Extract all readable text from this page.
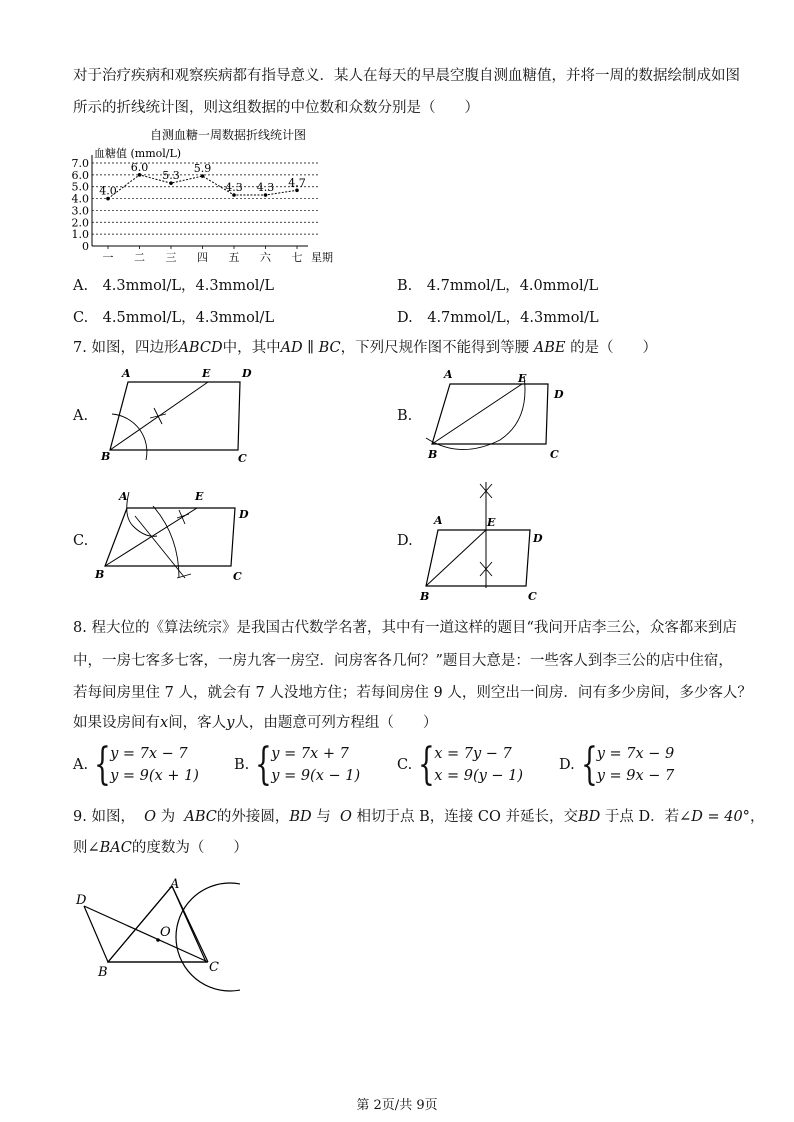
对于治疗疾病和观察疾病都有指导意义．某人在每天的早晨空腹自测血糖值，并将一周的数据绘制成如图
所示的折线统计图，则这组数据的中位数和众数分别是（　　）
自测血糖一周数据折线统计图
血糖值 (mmol/L)
0
1.0
2.0
3.0
4.0
5.0
6.0
7.0
一 二 三 四 五 六 七 星期
4.0
6.0
5.3
5.9
4.3 4.3 4.7
A.　4.3mmol/L，4.3mmol/L	B.　4.7mmol/L，4.0mmol/L
C.　4.5mmol/L，4.3mmol/L	D.　4.7mmol/L，4.3mmol/L
7. 如图，四边形ABCD中，其中AD ∥ BC，下列尺规作图不能得到等腰 ABE 的是（　　）
A.	B.
C.	D.
A	E	D
B	C
A	E
D
B	C
A	E
D
B	C
A	E
D
B	C
8. 程大位的《算法统宗》是我国古代数学名著，其中有一道这样的题目“我问开店李三公，众客都来到店
中，一房七客多七客，一房九客一房空．问房客各几何？”题目大意是：一些客人到李三公的店中住宿，
若每间房里住 7 人，就会有 7 人没地方住；若每间房住 9 人，则空出一间房．问有多少房间，多少客人？
如果设房间有x间，客人y人，由题意可列方程组（　　）
A. { y = 7x − 7
y = 9(x + 1)
B. { y = 7x + 7
y = 9(x − 1)
C. { x = 7y − 7
x = 9(y − 1)
D. { y = 7x − 9
y = 9x − 7
9. 如图， O 为 ABC的外接圆，BD 与 O 相切于点 B，连接 CO 并延长，交BD 于点 D．若∠D = 40°，
则∠BAC的度数为（　　）
A
D
O
B	C
第 2页/共 9页
